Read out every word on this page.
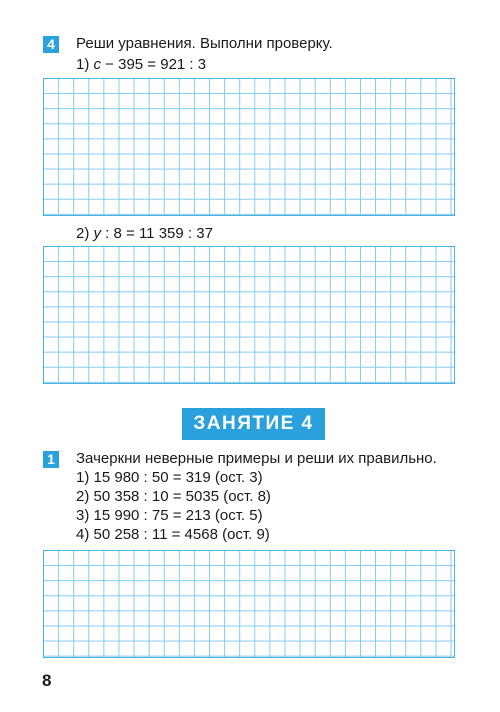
4 Реши уравнения. Выполни проверку.
1) c − 395 = 921 : 3
2) y : 8 = 11 359 : 37
ЗАНЯТИЕ 4
1 Зачеркни неверные примеры и реши их правильно.
1) 15 980 : 50 = 319 (ост. 3)
2) 50 358 : 10 = 5035 (ост. 8)
3) 15 990 : 75 = 213 (ост. 5)
4) 50 258 : 11 = 4568 (ост. 9)
8
